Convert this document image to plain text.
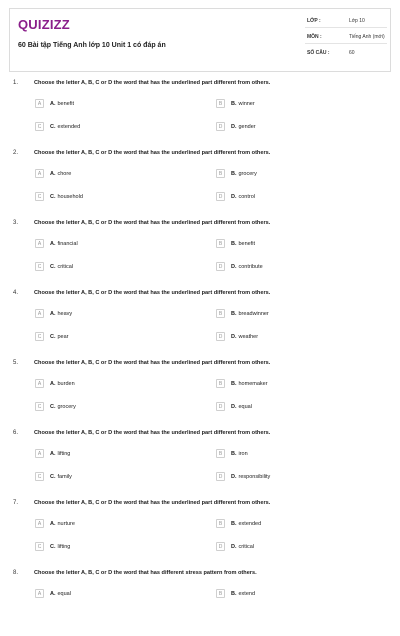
QUIZIZZ
60 Bài tập Tiếng Anh lớp 10 Unit 1 có đáp án
LỚP :	Lớp 10
MÔN :	Tiếng Anh (mới)
SỐ CÂU :	60
1.	Choose the letter A, B, C or D the word that has the underlined part different from others.
A	A. benefit	B	B. winner
C	C. extended	D	D. gender
2.	Choose the letter A, B, C or D the word that has the underlined part different from others.
A	A. chore	B	B. grocery
C	C. household	D	D. control
3.	Choose the letter A, B, C or D the word that has the underlined part different from others.
A	A. financial	B	B. benefit
C	C. critical	D	D. contribute
4.	Choose the letter A, B, C or D the word that has the underlined part different from others.
A	A. heavy	B	B. breadwinner
C	C. pear	D	D. weather
5.	Choose the letter A, B, C or D the word that has the underlined part different from others.
A	A. burden	B	B. homemaker
C	C. grocery	D	D. equal
6.	Choose the letter A, B, C or D the word that has the underlined part different from others.
A	A. lifting	B	B. iron
C	C. family	D	D. responsibility
7.	Choose the letter A, B, C or D the word that has the underlined part different from others.
A	A. nurture	B	B. extended
C	C. lifting	D	D. critical
8.	Choose the letter A, B, C or D the word that has different stress pattern from others.
A	A. equal	B	B. extend
